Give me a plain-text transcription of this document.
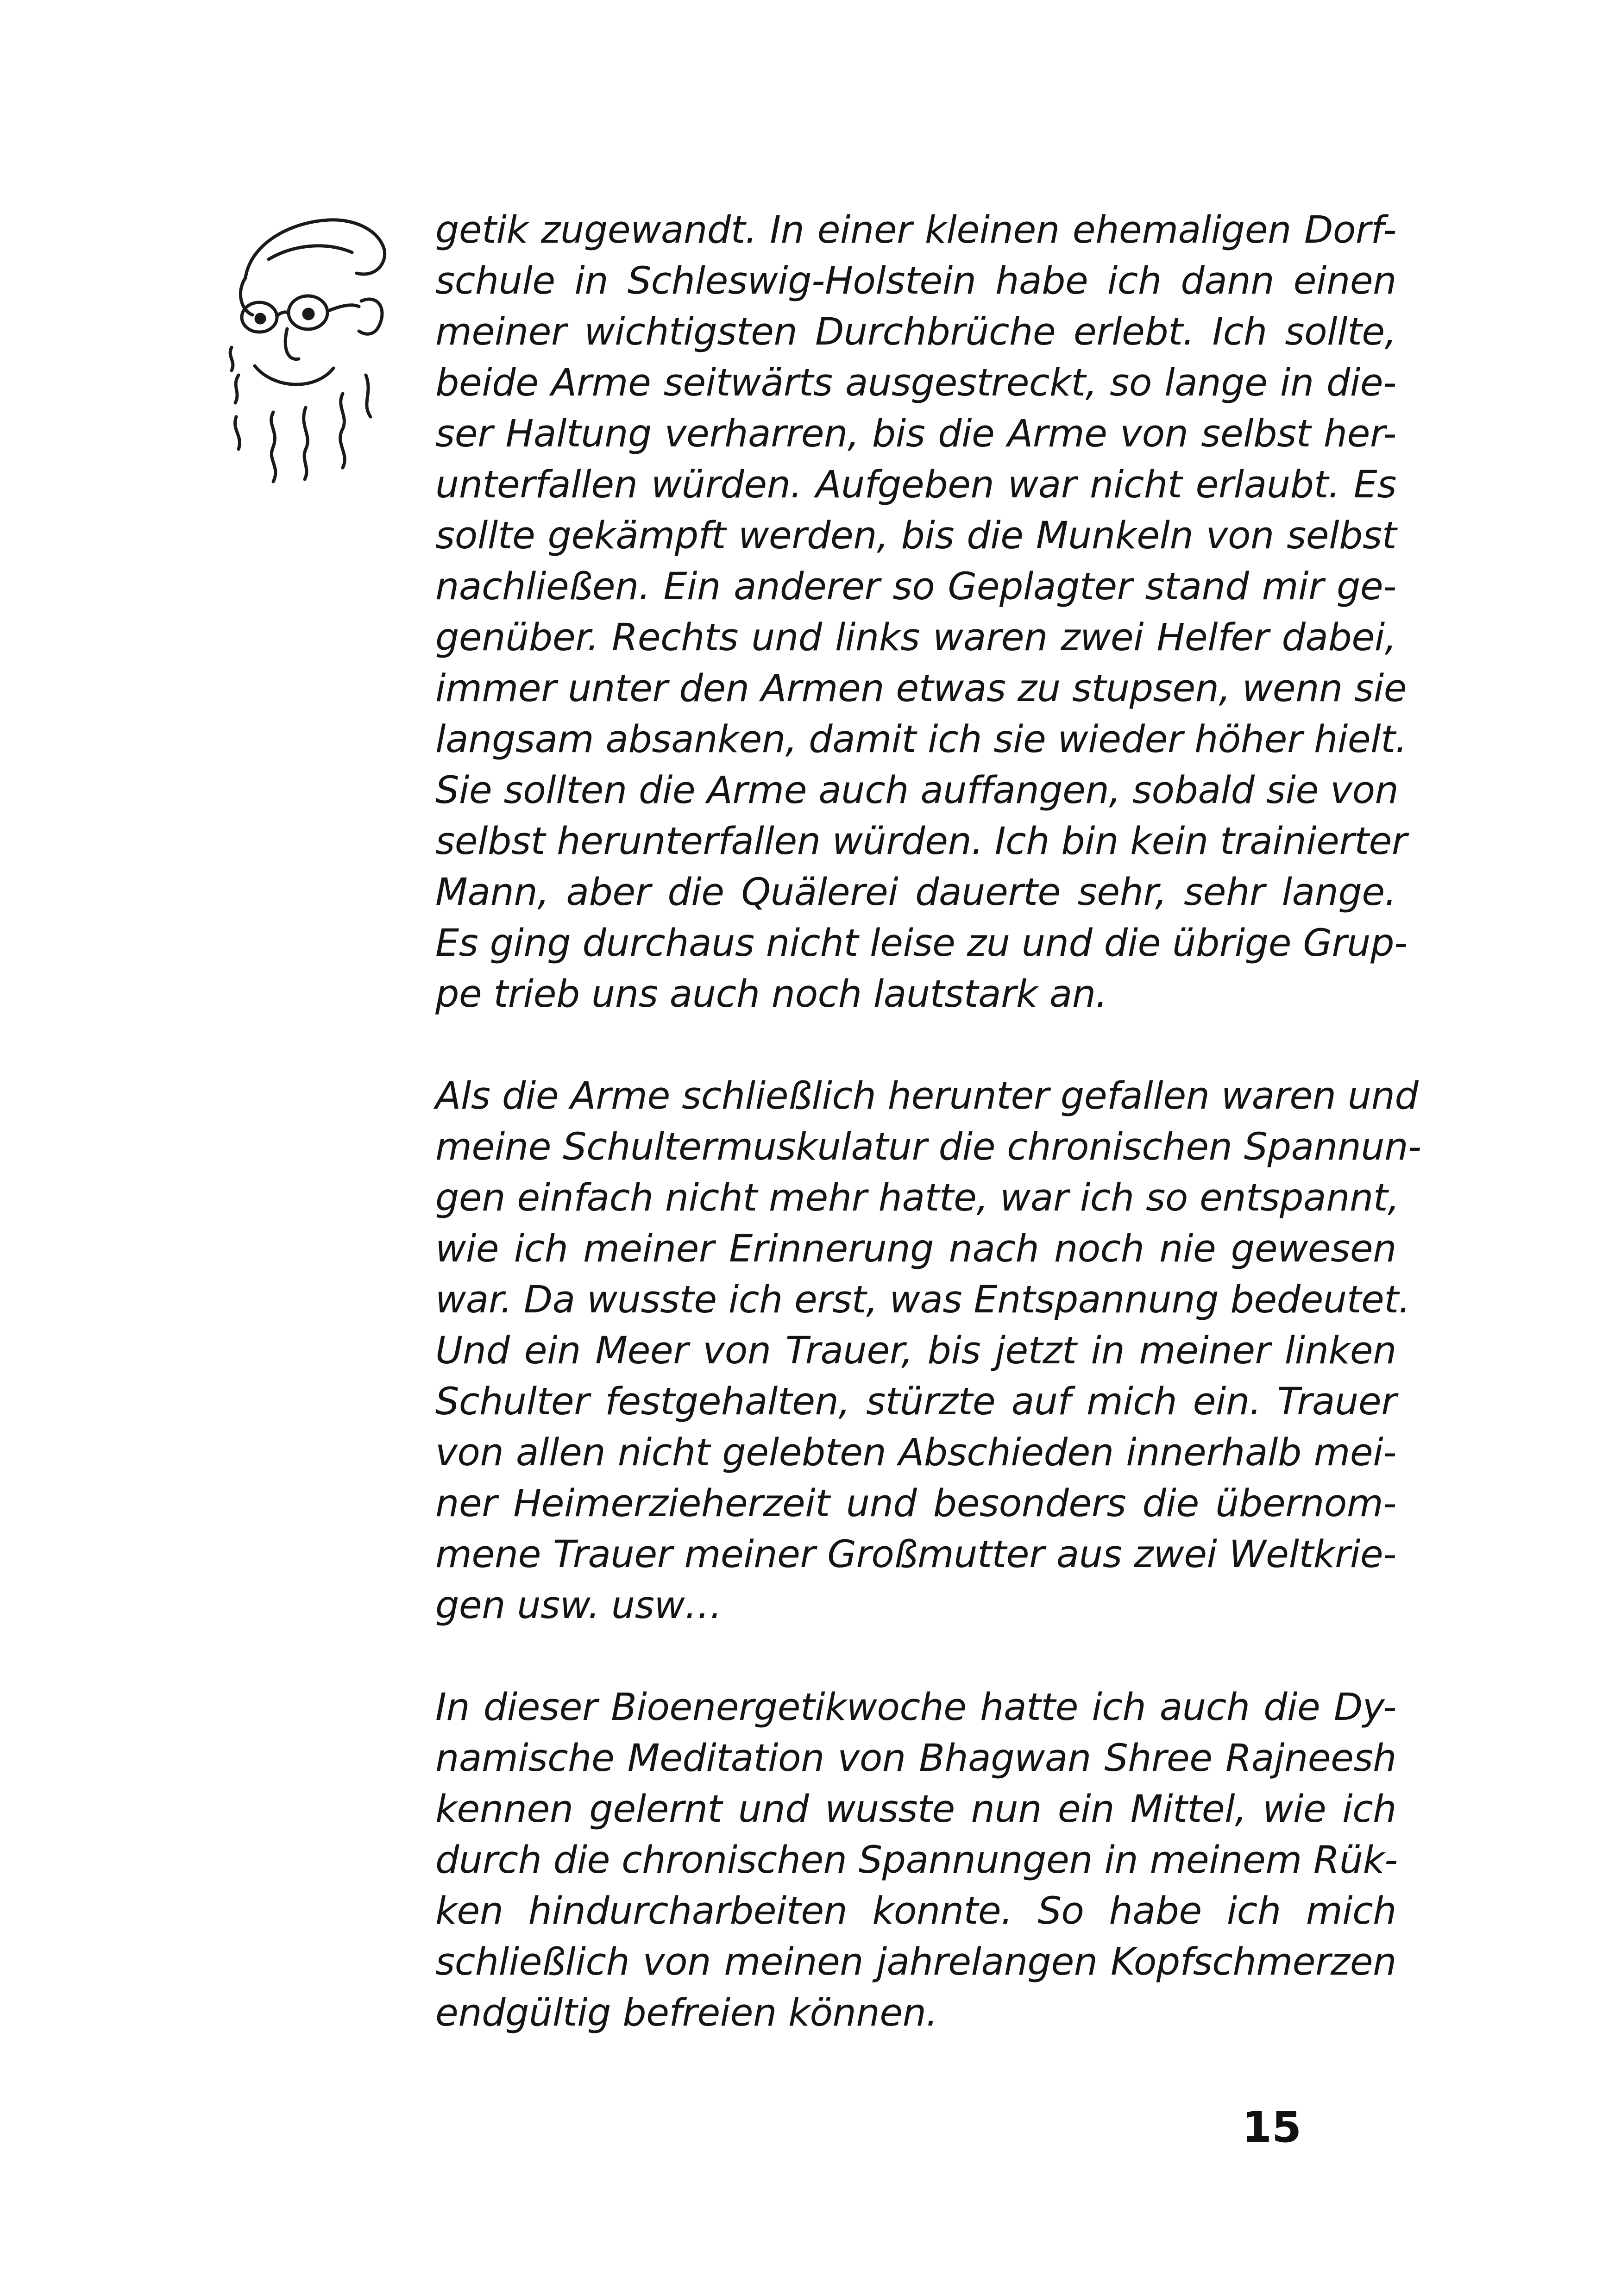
getik zugewandt. In einer kleinen ehemaligen Dorf-
schule in Schleswig-Holstein habe ich dann einen
meiner wichtigsten Durchbrüche erlebt. Ich sollte,
beide Arme seitwärts ausgestreckt, so lange in die-
ser Haltung verharren, bis die Arme von selbst her-
unterfallen würden. Aufgeben war nicht erlaubt. Es
sollte gekämpft werden, bis die Munkeln von selbst
nachließen. Ein anderer so Geplagter stand mir ge-
genüber. Rechts und links waren zwei Helfer dabei,
immer unter den Armen etwas zu stupsen, wenn sie
langsam absanken, damit ich sie wieder höher hielt.
Sie sollten die Arme auch auffangen, sobald sie von
selbst herunterfallen würden. Ich bin kein trainierter
Mann, aber die Quälerei dauerte sehr, sehr lange.
Es ging durchaus nicht leise zu und die übrige Grup-
pe trieb uns auch noch lautstark an.
Als die Arme schließlich herunter gefallen waren und
meine Schultermuskulatur die chronischen Spannun-
gen einfach nicht mehr hatte, war ich so entspannt,
wie ich meiner Erinnerung nach noch nie gewesen
war. Da wusste ich erst, was Entspannung bedeutet.
Und ein Meer von Trauer, bis jetzt in meiner linken
Schulter festgehalten, stürzte auf mich ein. Trauer
von allen nicht gelebten Abschieden innerhalb mei-
ner Heimerzieherzeit und besonders die übernom-
mene Trauer meiner Großmutter aus zwei Weltkrie-
gen usw. usw…
In dieser Bioenergetikwoche hatte ich auch die Dy-
namische Meditation von Bhagwan Shree Rajneesh
kennen gelernt und wusste nun ein Mittel, wie ich
durch die chronischen Spannungen in meinem Rük-
ken hindurcharbeiten konnte. So habe ich mich
schließlich von meinen jahrelangen Kopfschmerzen
endgültig befreien können.
15
